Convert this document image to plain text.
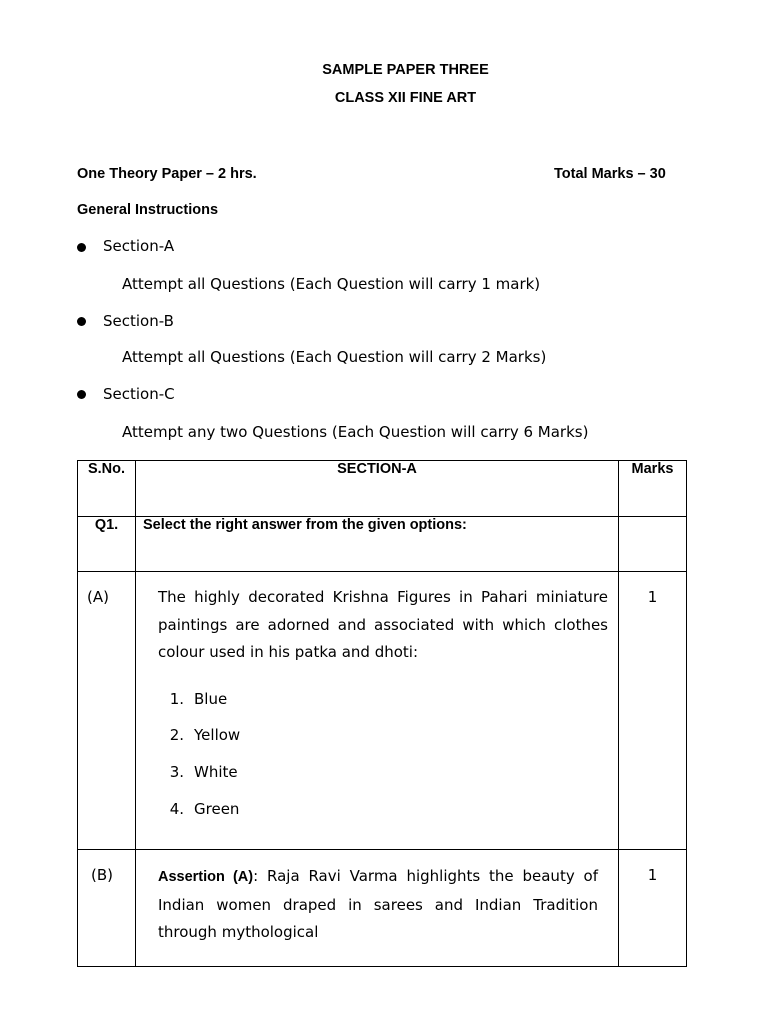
SAMPLE PAPER THREE
CLASS XII FINE ART
One Theory Paper – 2 hrs.	Total Marks – 30
General Instructions
Section-A
Attempt all Questions (Each Question will carry 1 mark)
Section-B
Attempt all Questions (Each Question will carry 2 Marks)
Section-C
Attempt any two Questions (Each Question will carry 6 Marks)
S.No.	SECTION-A	Marks
Q1.	Select the right answer from the given options:	
(A)	The highly decorated Krishna Figures in Pahari miniature paintings are adorned and associated with which clothes colour used in his patka and dhoti:
1. Blue
2. Yellow
3. White
4. Green	1
(B)	Assertion (A): Raja Ravi Varma highlights the beauty of Indian women draped in sarees and Indian Tradition through mythological	1
